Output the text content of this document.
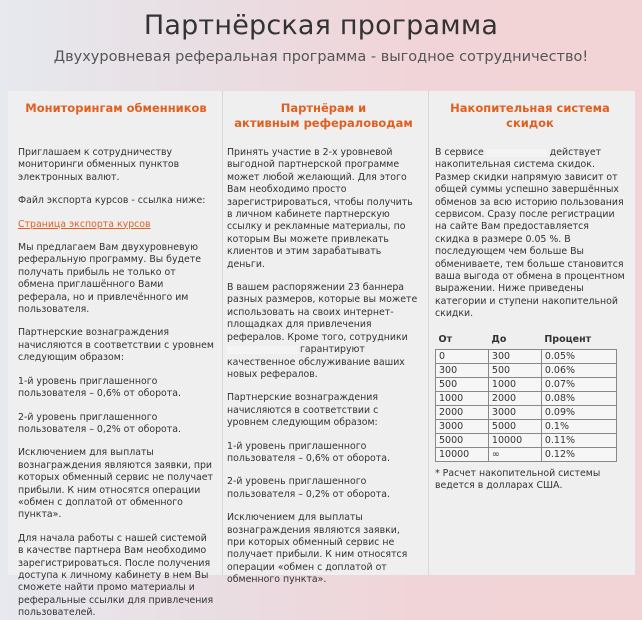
Партнёрская программа
Двухуровневая реферальная программа - выгодное сотрудничество!
Мониторингам обменников

Приглашаем к сотрудничеству мониторинги обменных пунктов электронных валют.

Файл экспорта курсов - ссылка ниже:

Страница экспорта курсов

Мы предлагаем Вам двухуровневую реферальную программу. Вы будете получать прибыль не только от обмена приглашённого Вами реферала, но и привлечённого им пользователя.

Партнерские вознаграждения начисляются в соответствии с уровнем следующим образом:

1-й уровень приглашенного пользователя – 0,6% от оборота.

2-й уровень приглашенного пользователя – 0,2% от оборота.

Исключением для выплаты вознаграждения являются заявки, при которых обменный сервис не получает прибыли. К ним относятся операции «обмен с доплатой от обменного пункта».

Для начала работы с нашей системой в качестве партнера Вам необходимо зарегистрироваться. После получения доступа к личному кабинету в нем Вы сможете найти промо материалы и реферальные ссылки для привлечения пользователей.

Партнёрам и
активным рефераловодам

Принять участие в 2-х уровневой выгодной партнерской программе может любой желающий. Для этого Вам необходимо просто зарегистрироваться, чтобы получить в личном кабинете партнерскую ссылку и рекламные материалы, по которым Вы можете привлекать клиентов и этим зарабатывать деньги.

В вашем распоряжении 23 баннера разных размеров, которые вы можете использовать на своих интернет-площадках для привлечения рефералов. Кроме того, сотрудники  гарантируют качественное обслуживание ваших новых рефералов.

Партнерские вознаграждения начисляются в соответствии с уровнем следующим образом:

1-й уровень приглашенного пользователя – 0,6% от оборота.

2-й уровень приглашенного пользователя – 0,2% от оборота.

Исключением для выплаты вознаграждения являются заявки, при которых обменный сервис не получает прибыли. К ним относятся операции «обмен с доплатой от обменного пункта».

Накопительная система скидок

В сервисе	действует накопительная система скидок. Размер скидки напрямую зависит от общей суммы успешно завершённых обменов за всю историю пользования сервисом. Сразу после регистрации на сайте Вам предоставляется скидка в размере 0.05 %. В последующем чем больше Вы обмениваете, тем больше становится ваша выгода от обмена в процентном выражении. Ниже приведены категории и ступени накопительной скидки.

От	До	Процент
0	300	0.05%
300	500	0.06%
500	1000	0.07%
1000	2000	0.08%
2000	3000	0.09%
3000	5000	0.1%
5000	10000	0.11%
10000	∞	0.12%
* Расчет накопительной системы ведется в долларах США.
